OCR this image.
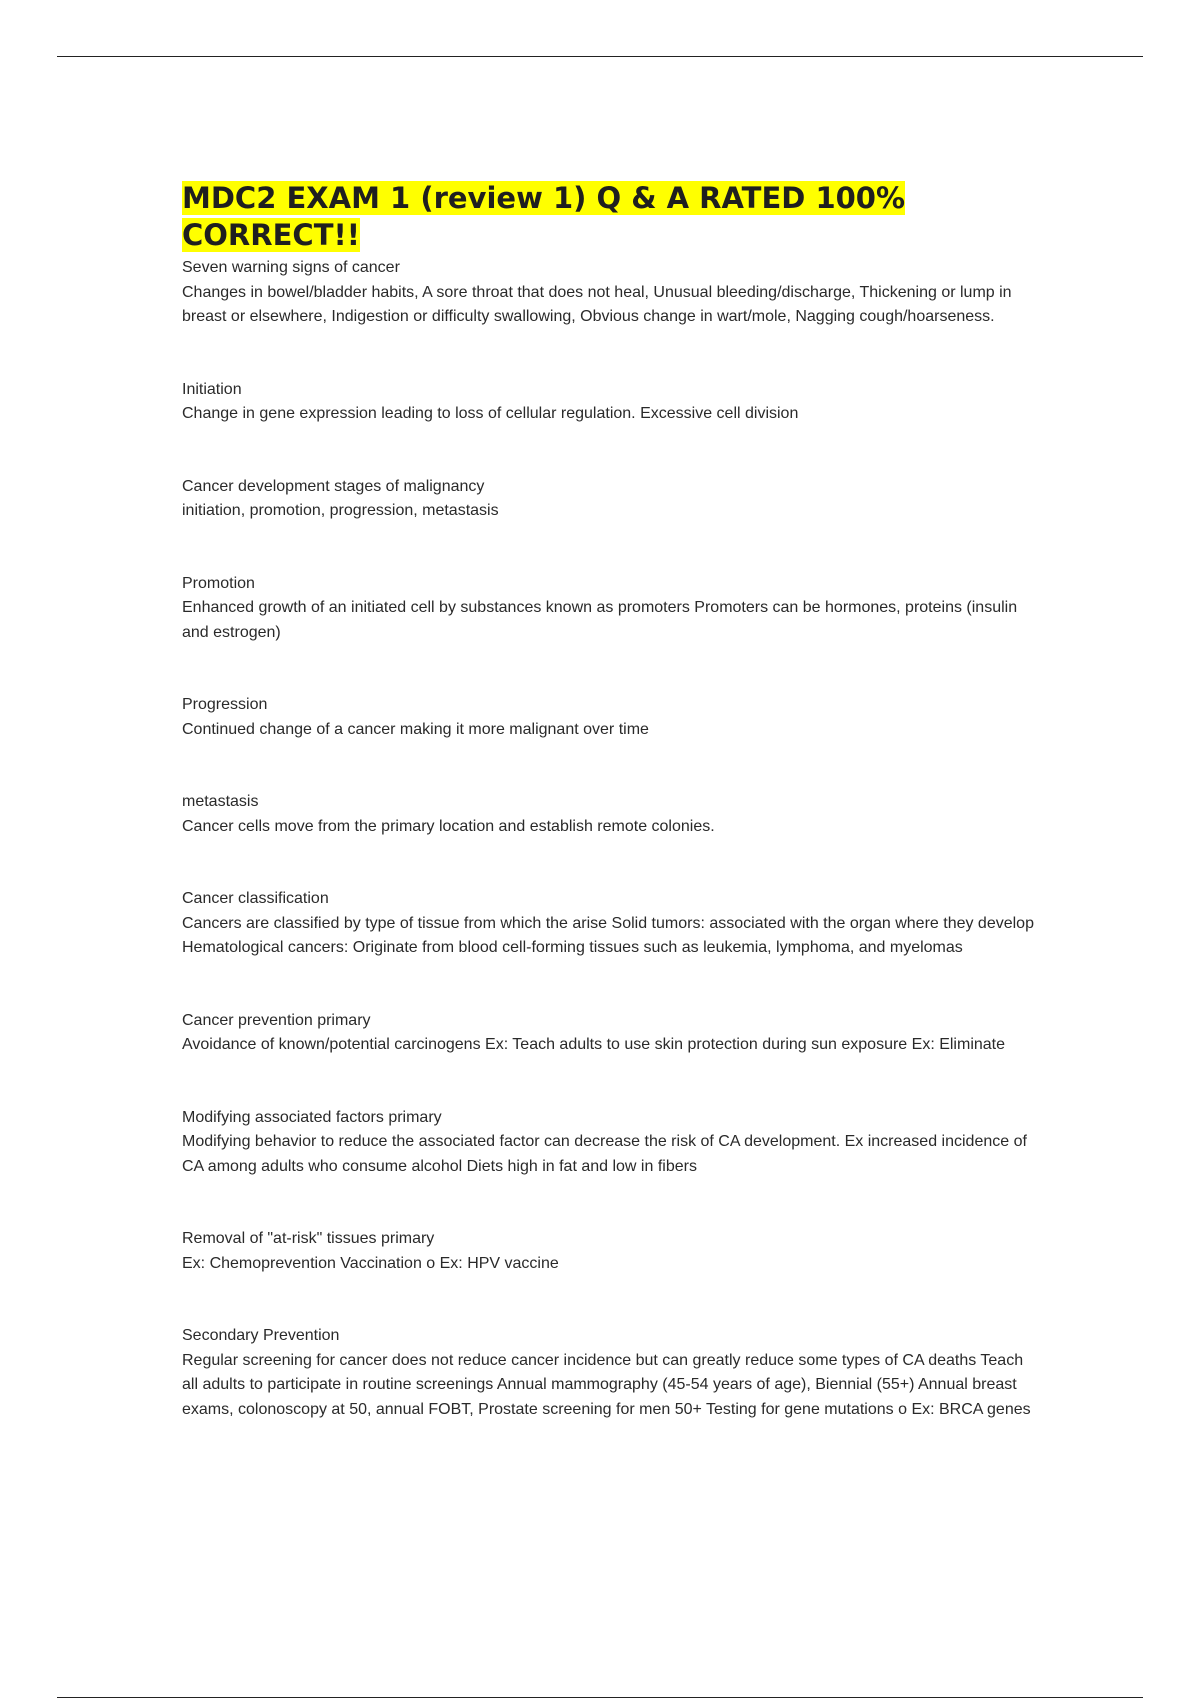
MDC2 EXAM 1 (review 1) Q & A RATED 100% CORRECT!!

Seven warning signs of cancer

Changes in bowel/bladder habits, A sore throat that does not heal, Unusual bleeding/discharge, Thickening or lump in breast or elsewhere, Indigestion or difficulty swallowing, Obvious change in wart/mole, Nagging cough/hoarseness.

Initiation

Change in gene expression leading to loss of cellular regulation. Excessive cell division

Cancer development stages of malignancy

initiation, promotion, progression, metastasis

Promotion

Enhanced growth of an initiated cell by substances known as promoters Promoters can be hormones, proteins (insulin and estrogen)

Progression

Continued change of a cancer making it more malignant over time

metastasis

Cancer cells move from the primary location and establish remote colonies.

Cancer classification

Cancers are classified by type of tissue from which the arise Solid tumors: associated with the organ where they develop Hematological cancers: Originate from blood cell-forming tissues such as leukemia, lymphoma, and myelomas

Cancer prevention primary

Avoidance of known/potential carcinogens Ex: Teach adults to use skin protection during sun exposure Ex: Eliminate

Modifying associated factors primary

Modifying behavior to reduce the associated factor can decrease the risk of CA development. Ex increased incidence of CA among adults who consume alcohol Diets high in fat and low in fibers

Removal of "at-risk" tissues primary

Ex: Chemoprevention Vaccination o Ex: HPV vaccine

Secondary Prevention

Regular screening for cancer does not reduce cancer incidence but can greatly reduce some types of CA deaths Teach all adults to participate in routine screenings Annual mammography (45-54 years of age), Biennial (55+) Annual breast exams, colonoscopy at 50, annual FOBT, Prostate screening for men 50+ Testing for gene mutations o Ex: BRCA genes
